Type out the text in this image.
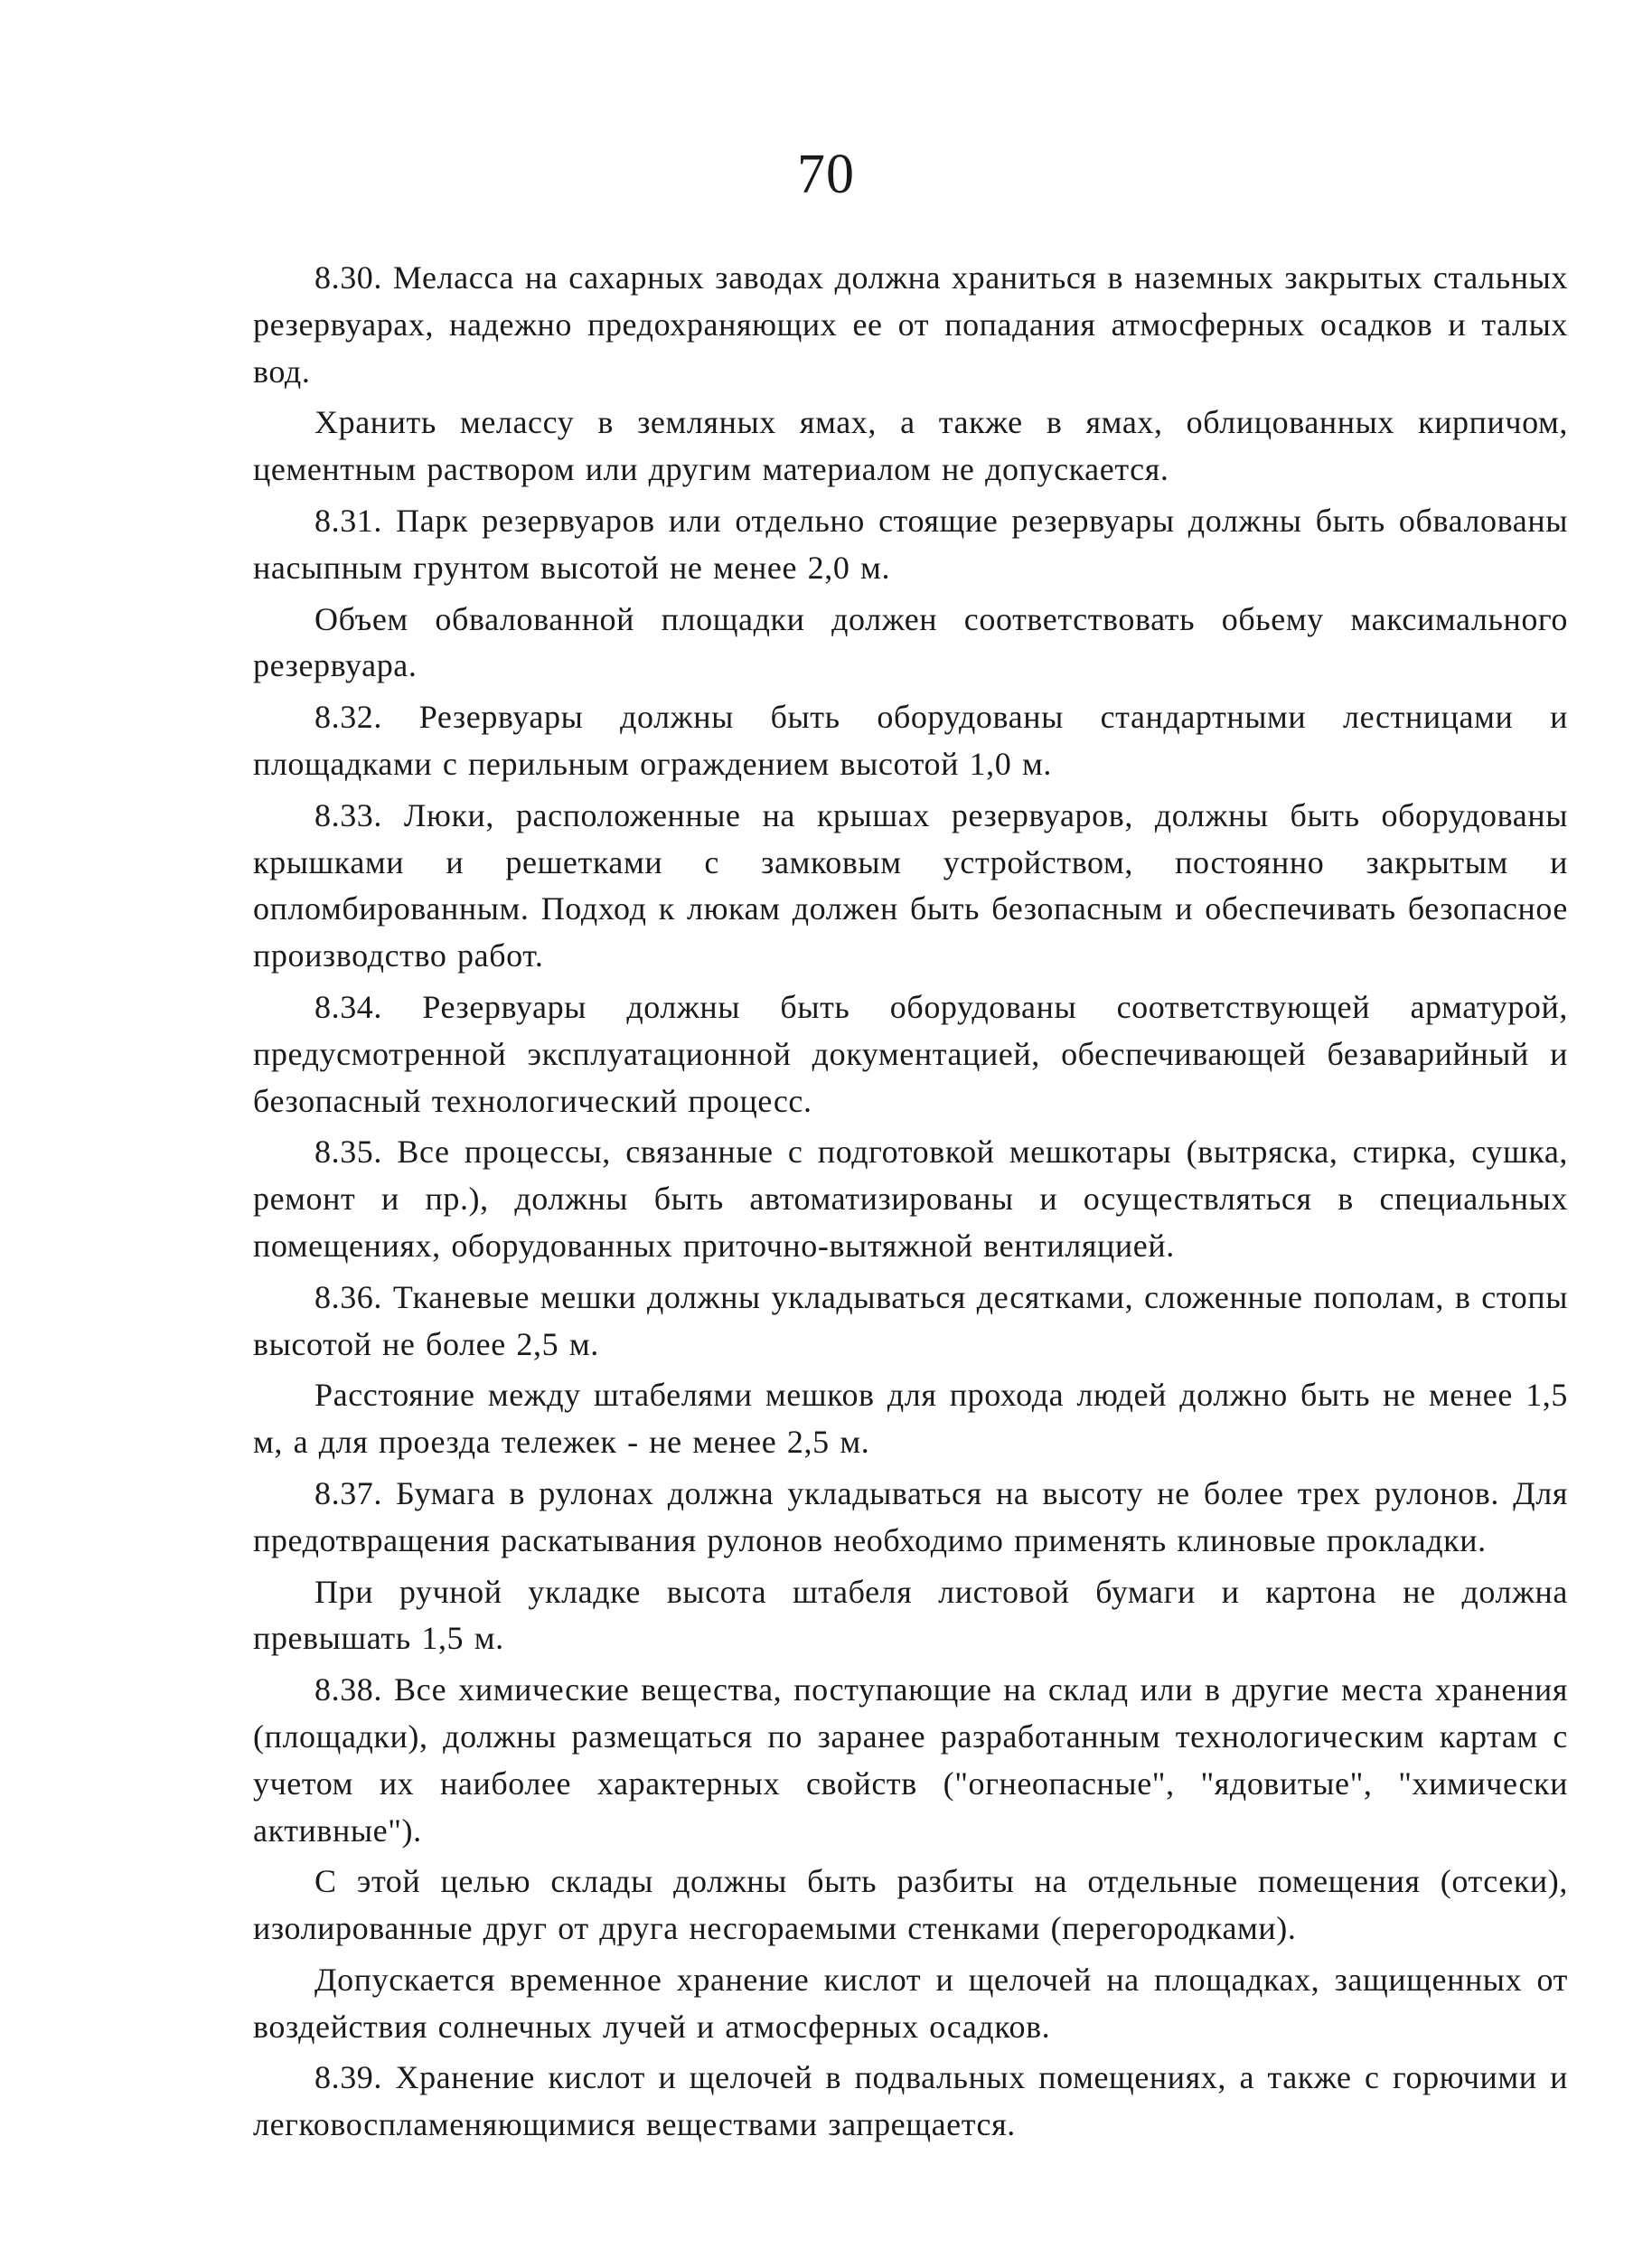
70

8.30. Меласса на сахарных заводах должна храниться в наземных закрытых стальных резервуарах, надежно предохраняющих ее от попадания атмосферных осадков и талых вод.

Хранить мелассу в земляных ямах, а также в ямах, облицованных кирпичом, цементным раствором или другим материалом не допускается.

8.31. Парк резервуаров или отдельно стоящие резервуары должны быть обвалованы насыпным грунтом высотой не менее 2,0 м.

Объем обвалованной площадки должен соответствовать обьему максимального резервуара.

8.32. Резервуары должны быть оборудованы стандартными лестницами и площадками с перильным ограждением высотой 1,0 м.

8.33. Люки, расположенные на крышах резервуаров, должны быть оборудованы крышками и решетками с замковым устройством, постоянно закрытым и опломбированным. Подход к люкам должен быть безопасным и обеспечивать безопасное производство работ.

8.34. Резервуары должны быть оборудованы соответствующей арматурой, предусмотренной эксплуатационной документацией, обеспечивающей безаварийный и безопасный технологический процесс.

8.35. Все процессы, связанные с подготовкой мешкотары (вытряска, стирка, сушка, ремонт и пр.), должны быть автоматизированы и осуществляться в специальных помещениях, оборудованных приточно-вытяжной вентиляцией.

8.36. Тканевые мешки должны укладываться десятками, сложенные пополам, в стопы высотой не более 2,5 м.

Расстояние между штабелями мешков для прохода людей должно быть не менее 1,5 м, а для проезда тележек - не менее 2,5 м.

8.37. Бумага в рулонах должна укладываться на высоту не более трех рулонов. Для предотвращения раскатывания рулонов необходимо применять клиновые прокладки.

При ручной укладке высота штабеля листовой бумаги и картона не должна превышать 1,5 м.

8.38. Все химические вещества, поступающие на склад или в другие места хранения (площадки), должны размещаться по заранее разработанным технологическим картам с учетом их наиболее характерных свойств ("огнеопасные", "ядовитые", "химически активные").

С этой целью склады должны быть разбиты на отдельные помещения (отсеки), изолированные друг от друга несгораемыми стенками (перегородками).

Допускается временное хранение кислот и щелочей на площадках, защищенных от воздействия солнечных лучей и атмосферных осадков.

8.39. Хранение кислот и щелочей в подвальных помещениях, а также с горючими и легковоспламеняющимися веществами запрещается.
